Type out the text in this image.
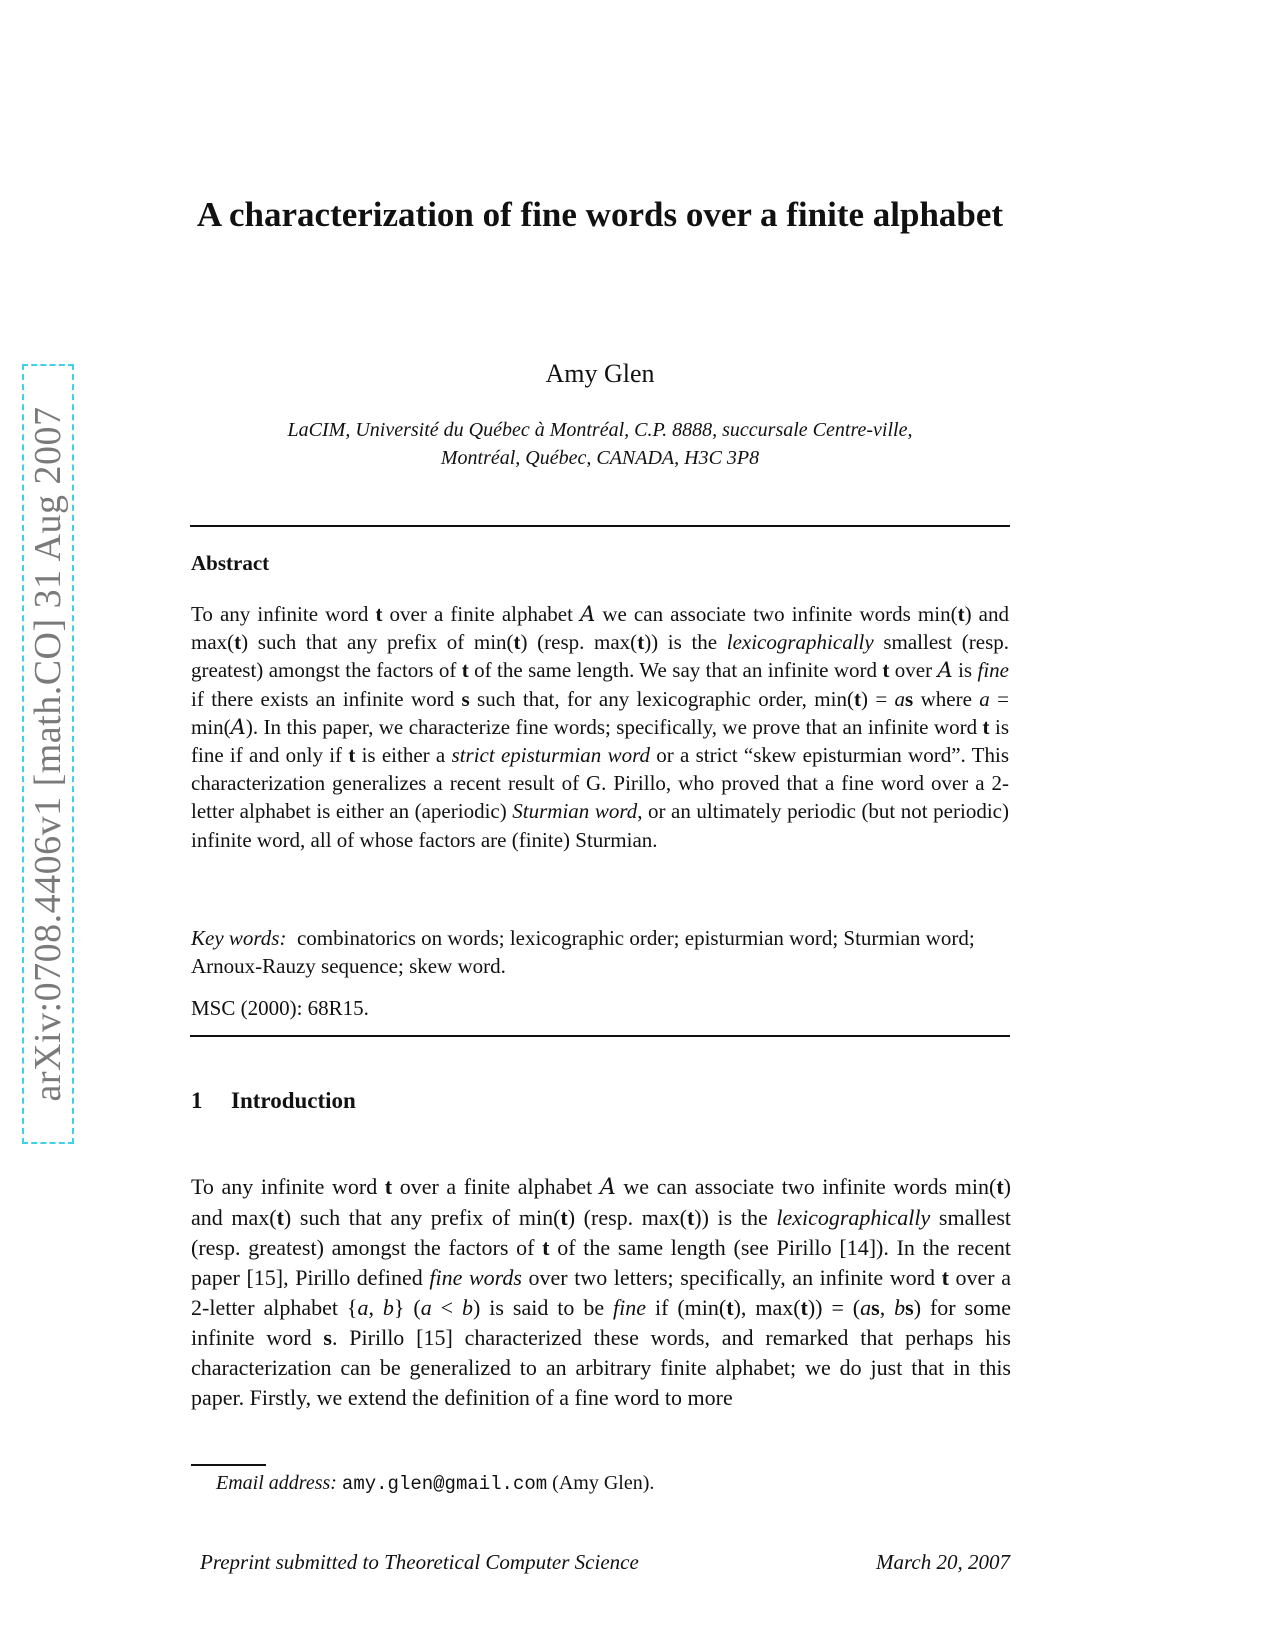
arXiv:0708.4406v1 [math.CO] 31 Aug 2007
A characterization of fine words over a finite alphabet
Amy Glen
LaCIM, Université du Québec à Montréal, C.P. 8888, succursale Centre-ville,
Montréal, Québec, CANADA, H3C 3P8
Abstract
To any infinite word t over a finite alphabet A we can associate two infinite words min(t) and max(t) such that any prefix of min(t) (resp. max(t)) is the lexicographically smallest (resp. greatest) amongst the factors of t of the same length. We say that an infinite word t over A is fine if there exists an infinite word s such that, for any lexicographic order, min(t) = as where a = min(A). In this paper, we characterize fine words; specifically, we prove that an infinite word t is fine if and only if t is either a strict episturmian word or a strict “skew episturmian word”. This characterization generalizes a recent result of G. Pirillo, who proved that a fine word over a 2-letter alphabet is either an (aperiodic) Sturmian word, or an ultimately periodic (but not periodic) infinite word, all of whose factors are (finite) Sturmian.
Key words: combinatorics on words; lexicographic order; episturmian word; Sturmian word; Arnoux-Rauzy sequence; skew word.
MSC (2000): 68R15.
1 Introduction
To any infinite word t over a finite alphabet A we can associate two infinite words min(t) and max(t) such that any prefix of min(t) (resp. max(t)) is the lexicographically smallest (resp. greatest) amongst the factors of t of the same length (see Pirillo [14]). In the recent paper [15], Pirillo defined fine words over two letters; specifically, an infinite word t over a 2-letter alphabet {a, b} (a < b) is said to be fine if (min(t), max(t)) = (as, bs) for some infinite word s. Pirillo [15] characterized these words, and remarked that perhaps his characterization can be generalized to an arbitrary finite alphabet; we do just that in this paper. Firstly, we extend the definition of a fine word to more
Email address: amy.glen@gmail.com (Amy Glen).
Preprint submitted to Theoretical Computer Science	March 20, 2007
